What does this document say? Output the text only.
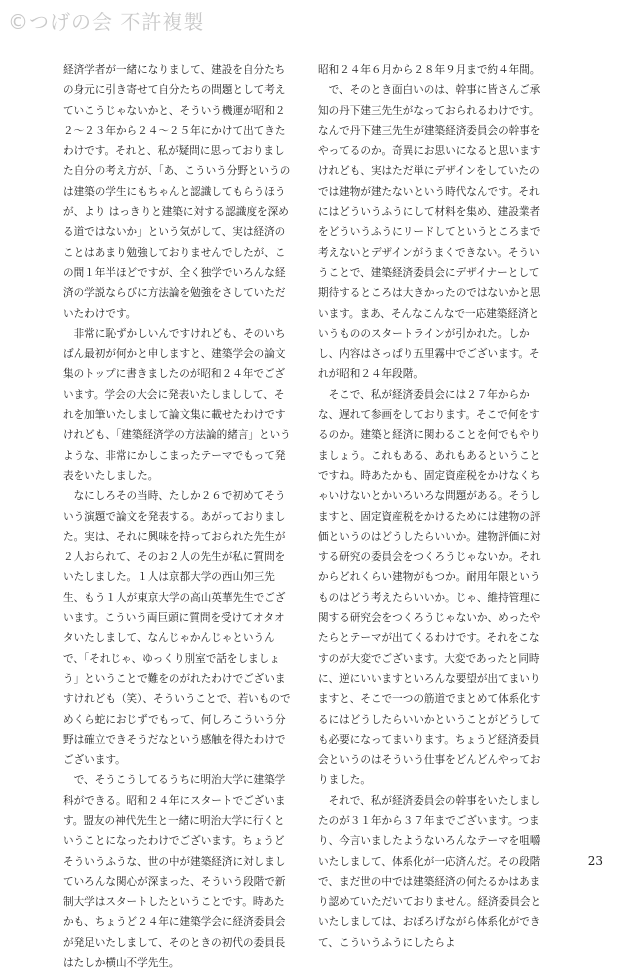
©つげの会 不許複製

経済学者が一緒になりまして、建設を自分たちの身元に引き寄せて自分たちの問題として考えていこうじゃないかと、そういう機運が昭和２２～２３年から２４～２５年にかけて出てきたわけです。それと、私が疑問に思っておりました自分の考え方が、「あ、こういう分野というのは建築の学生にもちゃんと認識してもらうほうが、より はっきりと建築に対する認識度を深める道ではないか」という気がして、実は経済のことはあまり勉強しておりませんでしたが、この間１年半ほどですが、全く独学でいろんな経済の学説ならびに方法論を勉強をさしていただいたわけです。

非常に恥ずかしいんですけれども、そのいちばん最初が何かと申しますと、建築学会の論文集のトップに書きましたのが昭和２４年でございます。学会の大会に発表いたしましして、それを加筆いたしまして論文集に載せたわけですけれども、「建築経済学の方法論的緒言」というような、非常にかしこまったテーマでもって発表をいたしました。

なにしろその当時、たしか２６で初めてそういう演題で論文を発表する。あがっておりました。実は、それに興味を持っておられた先生が２人おられて、そのお２人の先生が私に質問をいたしました。１人は京都大学の西山夘三先生、もう１人が東京大学の高山英華先生でございます。こういう両巨頭に質問を受けてオタオタいたしまして、なんじゃかんじゃというんで、「それじゃ、ゆっくり別室で話をしましょう」ということで難をのがれたわけでございますけれども（笑）、そういうことで、若いものでめくら蛇におじずでもって、何しろこういう分野は確立できそうだなという感触を得たわけでございます。

で、そうこうしてるうちに明治大学に建築学科ができる。昭和２４年にスタートでございます。盟友の神代先生と一緒に明治大学に行くということになったわけでございます。ちょうどそういうふうな、世の中が建築経済に対しましていろんな関心が深まった、そういう段階で新制大学はスタートしたということです。時あたかも、ちょうど２４年に建築学会に経済委員会が発足いたしまして、そのときの初代の委員長はたしか横山不学先生。

昭和２４年６月から２８年９月まで約４年間。

で、そのとき面白いのは、幹事に皆さんご承知の丹下建三先生がなっておられるわけです。なんで丹下建三先生が建築経済委員会の幹事をやってるのか。奇異にお思いになると思いますけれども、実はただ単にデザインをしていたのでは建物が建たないという時代なんです。それにはどういうふうにして材料を集め、建設業者をどういうふうにリードしてというところまで考えないとデザインがうまくできない。そういうことで、建築経済委員会にデザイナーとして期待するところは大きかったのではないかと思います。まあ、そんなこんなで一応建築経済というもののスタートラインが引かれた。しかし、内容はさっぱり五里霧中でございます。それが昭和２４年段階。

そこで、私が経済委員会には２７年からかな、遅れて参画をしております。そこで何をするのか。建築と経済に関わることを何でもやりましょう。これもある、あれもあるということですね。時あたかも、固定資産税をかけなくちゃいけないとかいろいろな問題がある。そうしますと、固定資産税をかけるためには建物の評価というのはどうしたらいいか。建物評価に対する研究の委員会をつくろうじゃないか。それからどれくらい建物がもつか。耐用年限というものはどう考えたらいいか。じゃ、維持管理に関する研究会をつくろうじゃないか、めったやたらとテーマが出てくるわけです。それをこなすのが大変でございます。大変であったと同時に、逆にいいますといろんな要望が出てまいりますと、そこで一つの筋道でまとめて体系化するにはどうしたらいいかということがどうしても必要になってまいります。ちょうど経済委員会というのはそういう仕事をどんどんやっておりました。

それで、私が経済委員会の幹事をいたしましたのが３１年から３７年までございます。つまり、今言いましたようないろんなテーマを咀嚼いたしまして、体系化が一応済んだ。その段階で、まだ世の中では建築経済の何たるかはあまり認めていただいておりません。経済委員会といたしましては、おぼろげながら体系化ができて、こういうふうにしたらよ

23
